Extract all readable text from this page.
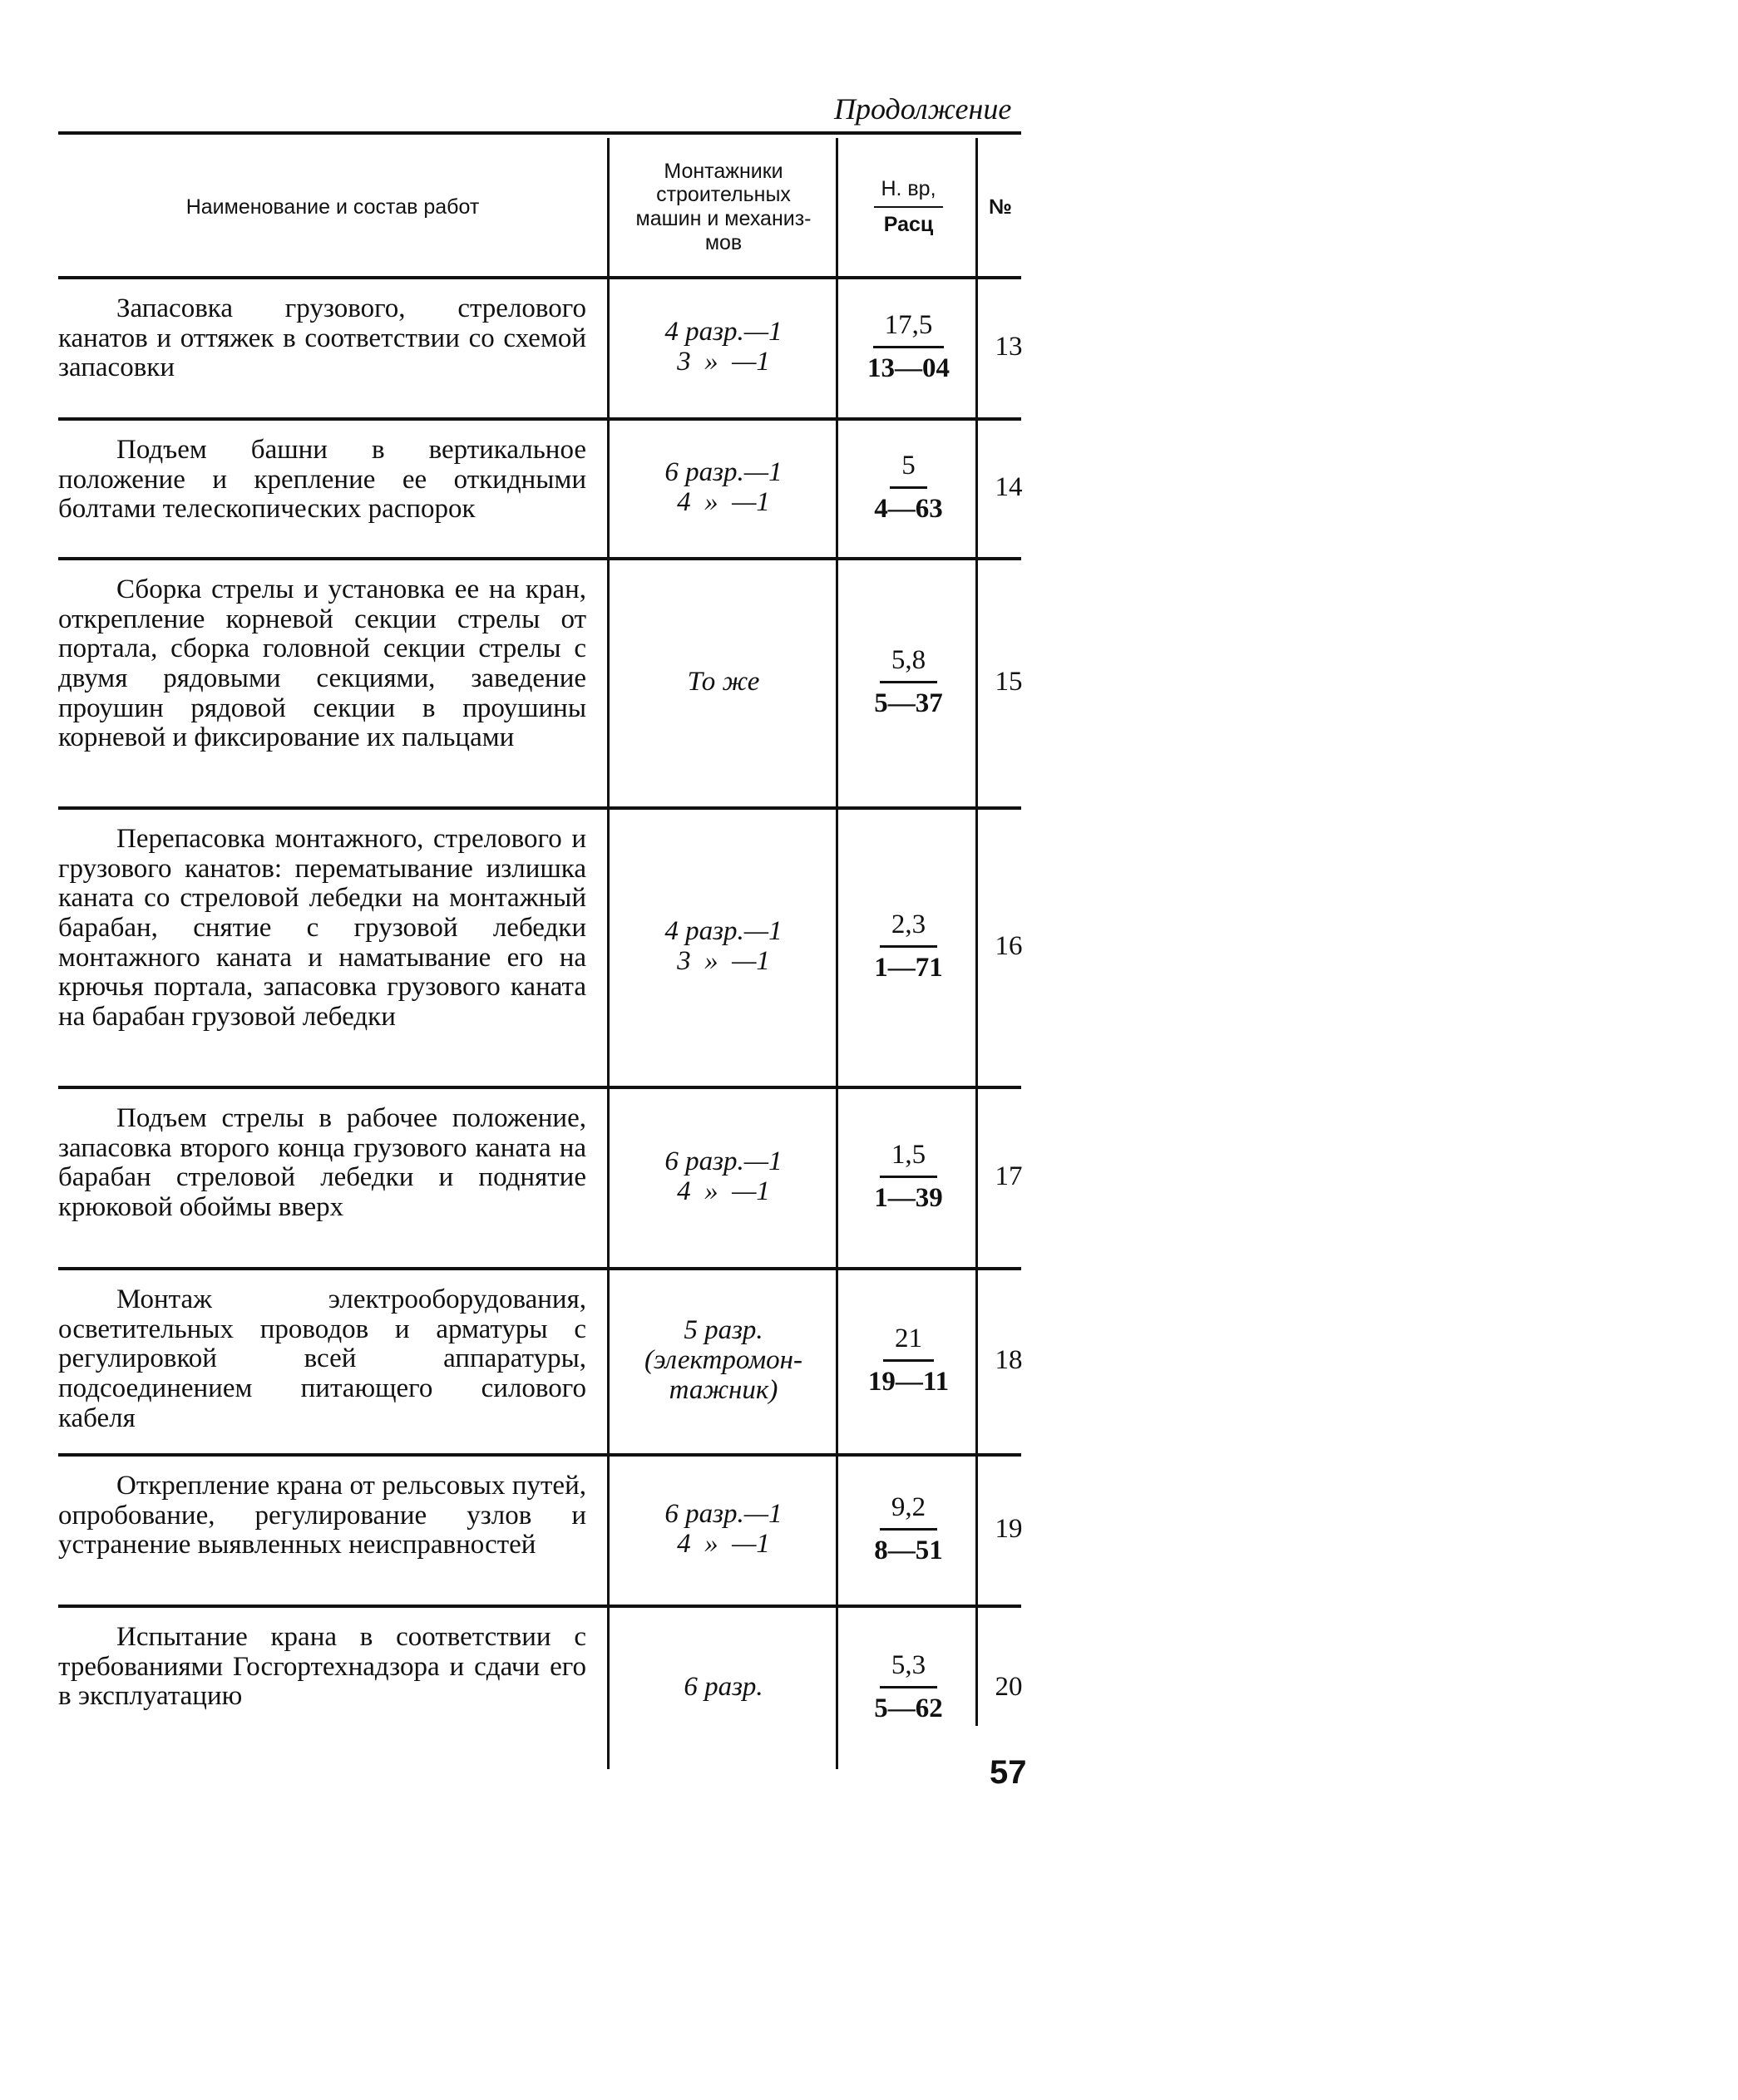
Продолжение
Наименование и состав работ
Монтажники строительных машин и механиз-мов
Н. вр,
Расц
№
Запасовка грузового, стрелового канатов и оттяжек в соответствии со схемой запасовки
4 разр.—1
3  »  —1
17,5
13—04
13
Подъем башни в вертикальное положение и крепление ее откидными болтами телескопических распорок
6 разр.—1
4  »  —1
5
4—63
14
Сборка стрелы и установка ее на кран, открепление корневой секции стрелы от портала, сборка головной секции стрелы с двумя рядовыми секциями, заведение проушин рядовой секции в проушины корневой и фиксирование их пальцами
То же
5,8
5—37
15
Перепасовка монтажного, стрелового и грузового канатов: перематывание излишка каната со стреловой лебедки на монтажный барабан, снятие с грузовой лебедки монтажного каната и наматывание его на крючья портала, запасовка грузового каната на барабан грузовой лебедки
4 разр.—1
3  »  —1
2,3
1—71
16
Подъем стрелы в рабочее положение, запасовка второго конца грузового каната на барабан стреловой лебедки и поднятие крюковой обоймы вверх
6 разр.—1
4  »  —1
1,5
1—39
17
Монтаж электрооборудования, осветительных проводов и арматуры с регулировкой всей аппаратуры, подсоединением питающего силового кабеля
5 разр.
(электромон-
тажник)
21
19—11
18
Открепление крана от рельсовых путей, опробование, регулирование узлов и устранение выявленных неисправностей
6 разр.—1
4  »  —1
9,2
8—51
19
Испытание крана в соответствии с требованиями Госгортехнадзора и сдачи его в эксплуатацию	6 разр.
5,3
5—62
20
57
